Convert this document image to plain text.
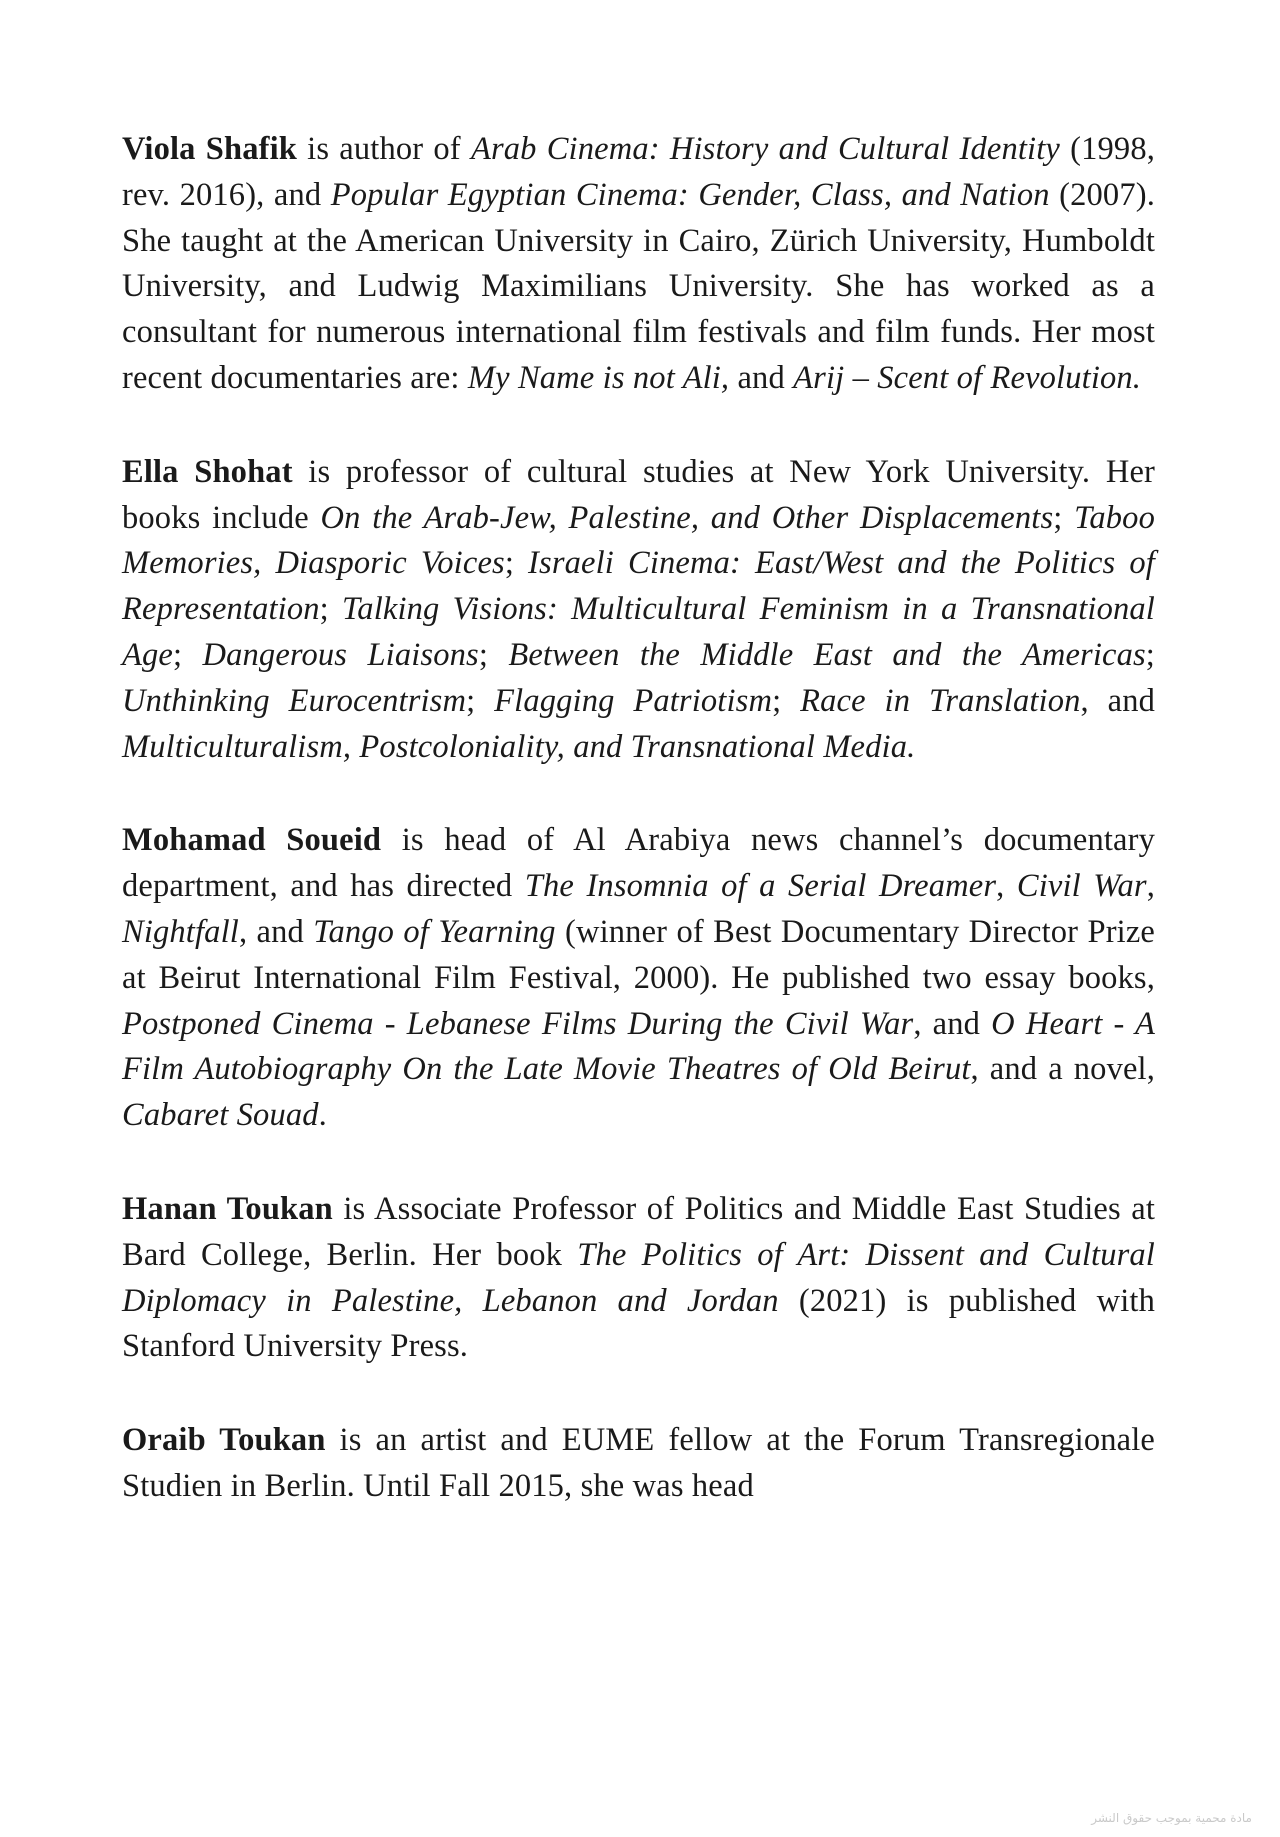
Viola Shafik is author of Arab Cinema: History and Cultural Identity (1998, rev. 2016), and Popular Egyptian Cinema: Gender, Class, and Nation (2007). She taught at the American University in Cairo, Zürich University, Humboldt University, and Ludwig Maximilians University. She has worked as a consultant for numerous international film festivals and film funds. Her most recent documentaries are: My Name is not Ali, and Arij – Scent of Revolution.

Ella Shohat is professor of cultural studies at New York University. Her books include On the Arab-Jew, Palestine, and Other Displacements; Taboo Memories, Diasporic Voices; Israeli Cinema: East/West and the Politics of Representation; Talking Visions: Multicultural Feminism in a Transnational Age; Dangerous Liaisons; Between the Middle East and the Americas; Unthinking Eurocentrism; Flagging Patriotism; Race in Translation, and Multiculturalism, Postcoloniality, and Transnational Media.

Mohamad Soueid is head of Al Arabiya news channel’s documentary department, and has directed The Insomnia of a Serial Dreamer, Civil War, Nightfall, and Tango of Yearning (winner of Best Documentary Director Prize at Beirut International Film Festival, 2000). He published two essay books, Postponed Cinema - Lebanese Films During the Civil War, and O Heart - A Film Autobiography On the Late Movie Theatres of Old Beirut, and a novel, Cabaret Souad.

Hanan Toukan is Associate Professor of Politics and Middle East Studies at Bard College, Berlin. Her book The Politics of Art: Dissent and Cultural Diplomacy in Palestine, Lebanon and Jordan (2021) is published with Stanford University Press.

Oraib Toukan is an artist and EUME fellow at the Forum Transregionale Studien in Berlin. Until Fall 2015, she was head

مادة محمية بموجب حقوق النشر
